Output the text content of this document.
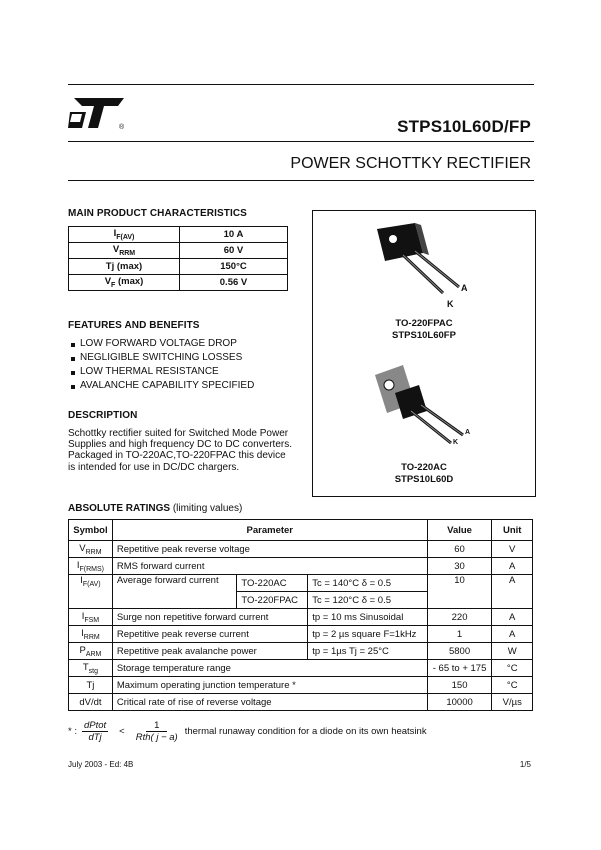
®	STPS10L60D/FP
POWER SCHOTTKY RECTIFIER
MAIN PRODUCT CHARACTERISTICS
$I_{F(AV)}$	10 A
$V_{RRM}$	60 V
Tj (max)	150°C
$V_F$ (max)	0.56 V
FEATURES AND BENEFITS
LOW FORWARD VOLTAGE DROP
NEGLIGIBLE SWITCHING LOSSES
LOW THERMAL RESISTANCE
AVALANCHE CAPABILITY SPECIFIED
DESCRIPTION
Schottky rectifier suited for Switched Mode Power
Supplies and high frequency DC to DC converters.
Packaged in TO-220AC,TO-220FPAC this device
is intended for use in DC/DC chargers.
A
K
TO-220FPAC
STPS10L60FP
A
K
TO-220AC
STPS10L60D
ABSOLUTE RATINGS (limiting values)
Symbol	Parameter			Value	Unit
$V_{RRM}$	Repetitive peak reverse voltage			60	V
$I_{F(RMS)}$	RMS forward current			30	A
$I_{F(AV)}$	Average forward current	TO-220AC	Tc = 140°C δ = 0.5	10	A
		TO-220FPAC	Tc = 120°C δ = 0.5		
$I_{FSM}$	Surge non repetitive forward current		tp = 10 ms Sinusoidal	220	A
$I_{RRM}$	Repetitive peak reverse current		tp = 2 µs square F=1kHz	1	A
$P_{ARM}$	Repetitive peak avalanche power		tp = 1µs Tj = 25°C	5800	W
$T_{stg}$	Storage temperature range			- 65 to + 175	°C
Tj	Maximum operating junction temperature *			150	°C
dV/dt	Critical rate of rise of reverse voltage			10000	V/µs
* :
dPtot
dTj
<
1
Rth( j − a)
thermal runaway condition for a diode on its own heatsink
July 2003 - Ed: 4B	1/5
